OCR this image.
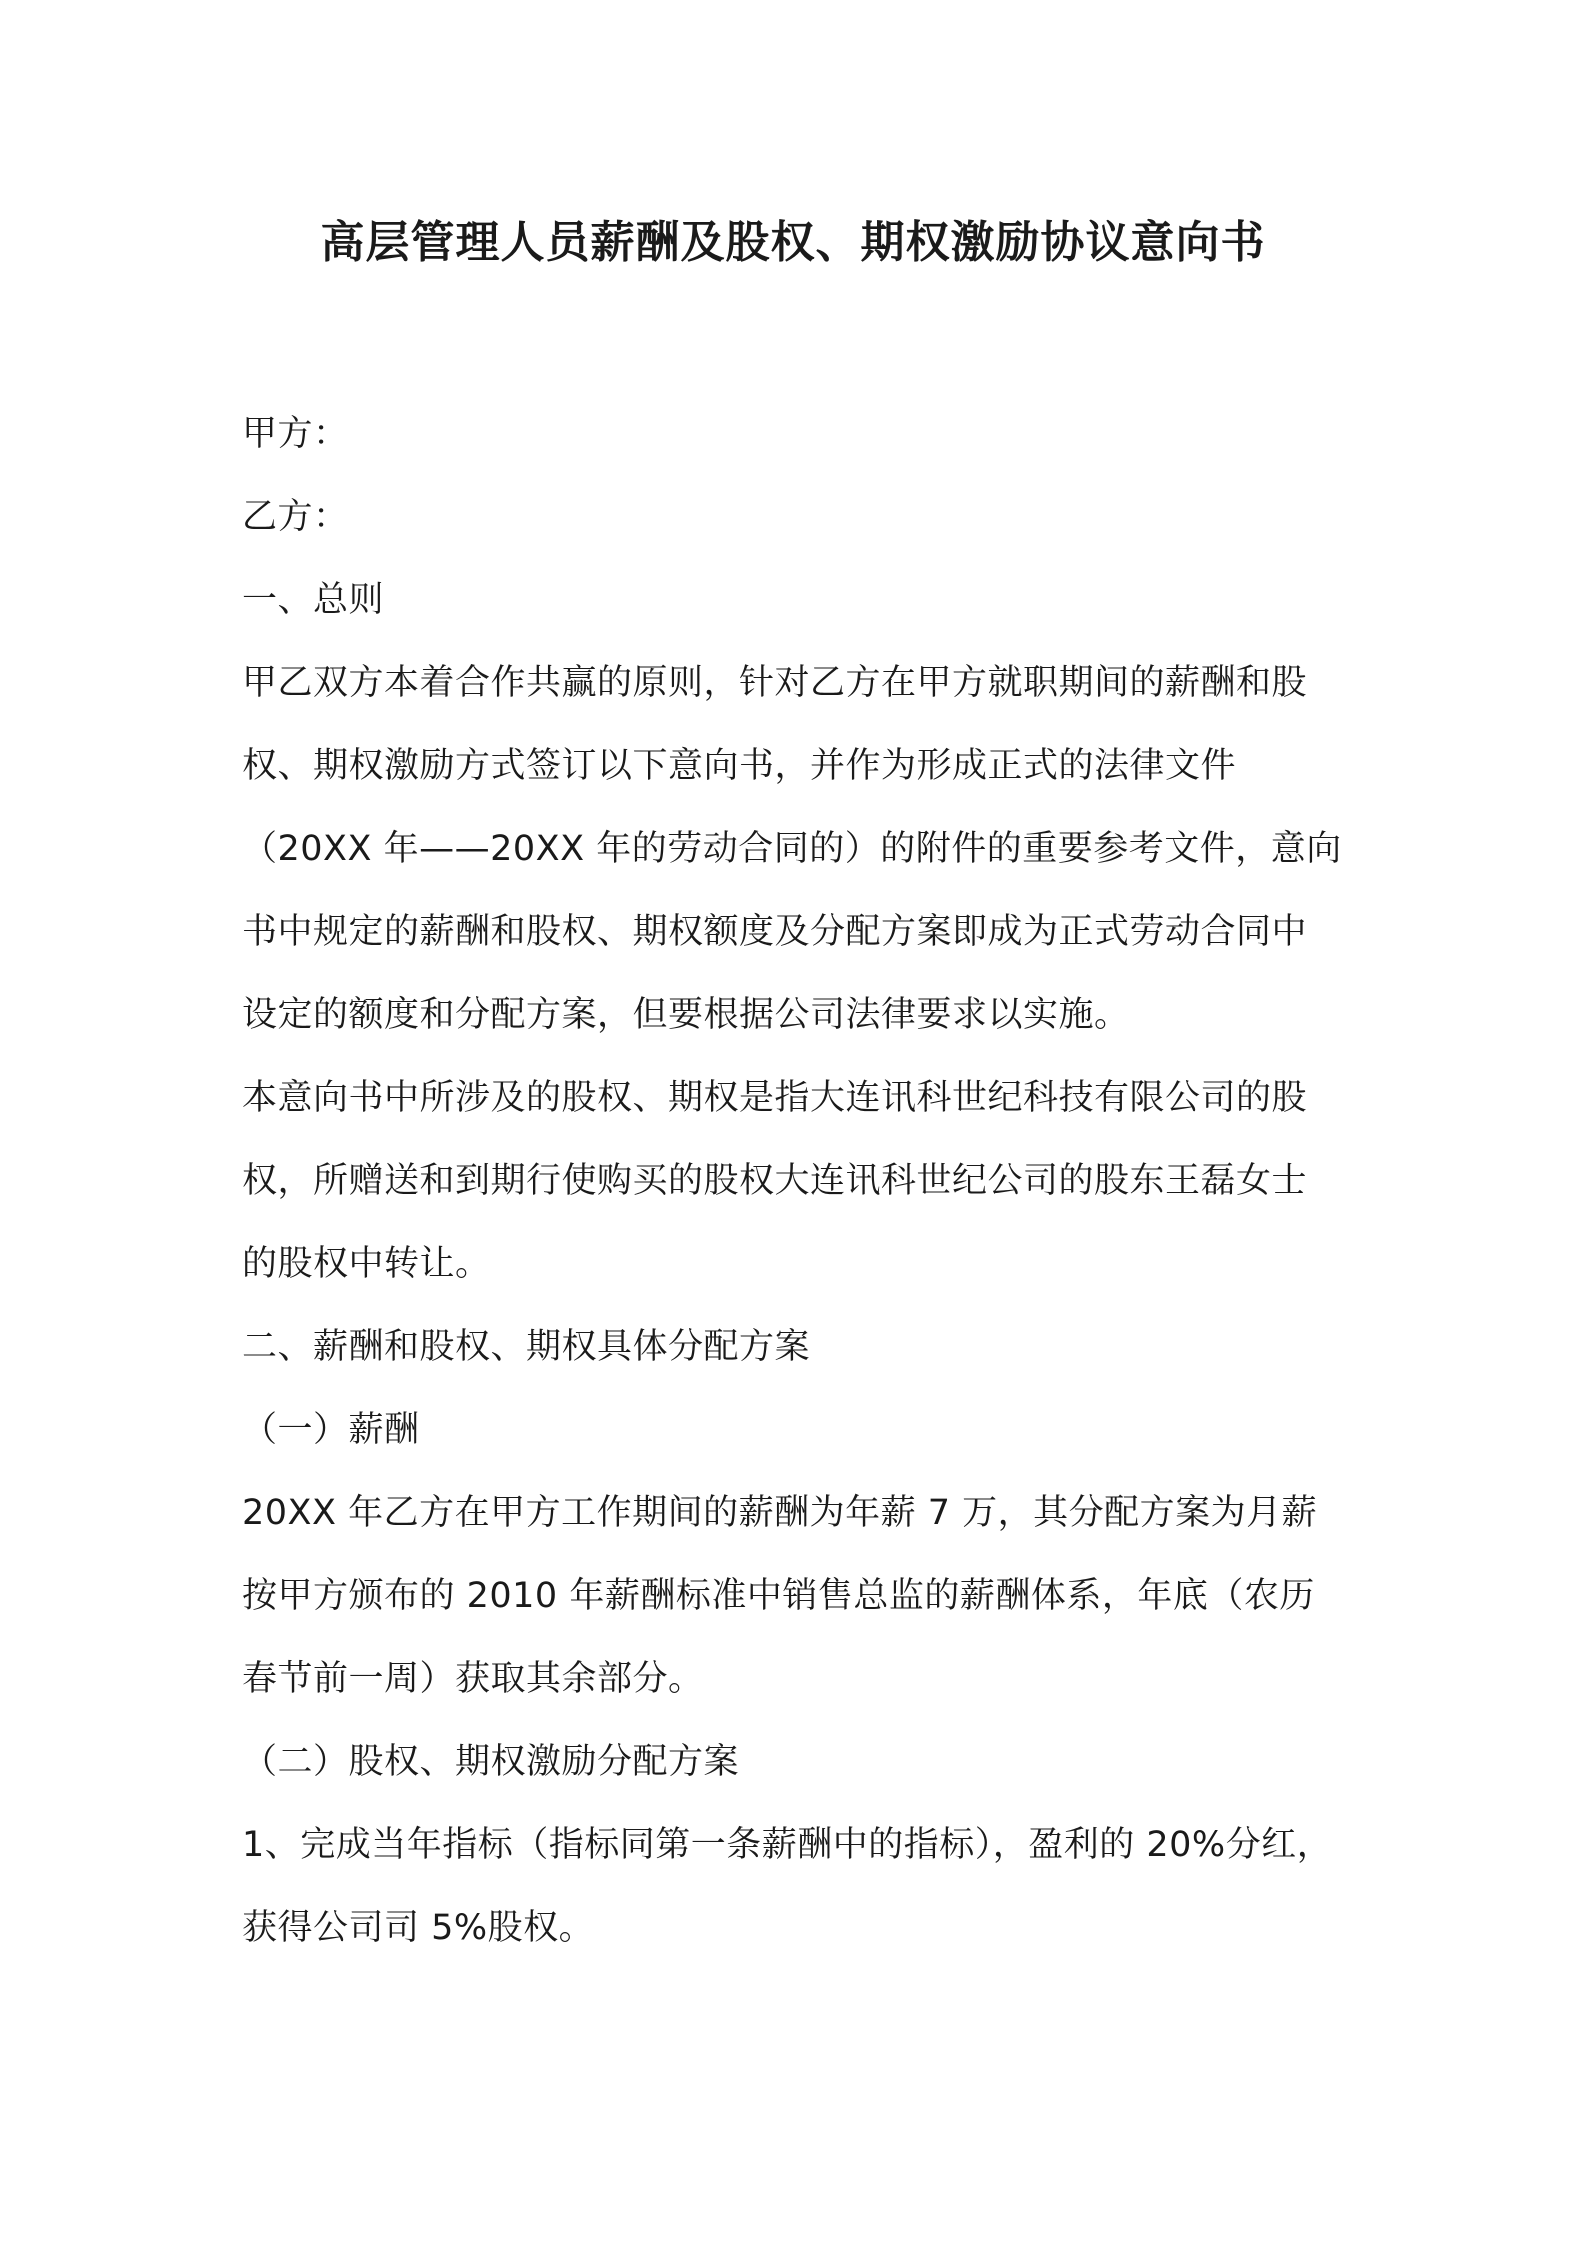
高层管理人员薪酬及股权、期权激励协议意向书
甲方：
乙方：
一、总则
甲乙双方本着合作共赢的原则，针对乙方在甲方就职期间的薪酬和股
权、期权激励方式签订以下意向书，并作为形成正式的法律文件
（20XX 年——20XX 年的劳动合同的）的附件的重要参考文件，意向
书中规定的薪酬和股权、期权额度及分配方案即成为正式劳动合同中
设定的额度和分配方案，但要根据公司法律要求以实施。
本意向书中所涉及的股权、期权是指大连讯科世纪科技有限公司的股
权，所赠送和到期行使购买的股权大连讯科世纪公司的股东王磊女士
的股权中转让。
二、薪酬和股权、期权具体分配方案
（一）薪酬
20XX 年乙方在甲方工作期间的薪酬为年薪 7 万，其分配方案为月薪
按甲方颁布的 2010 年薪酬标准中销售总监的薪酬体系，年底（农历
春节前一周）获取其余部分。
（二）股权、期权激励分配方案
1、完成当年指标（指标同第一条薪酬中的指标），盈利的 20%分红，
获得公司司 5%股权。
